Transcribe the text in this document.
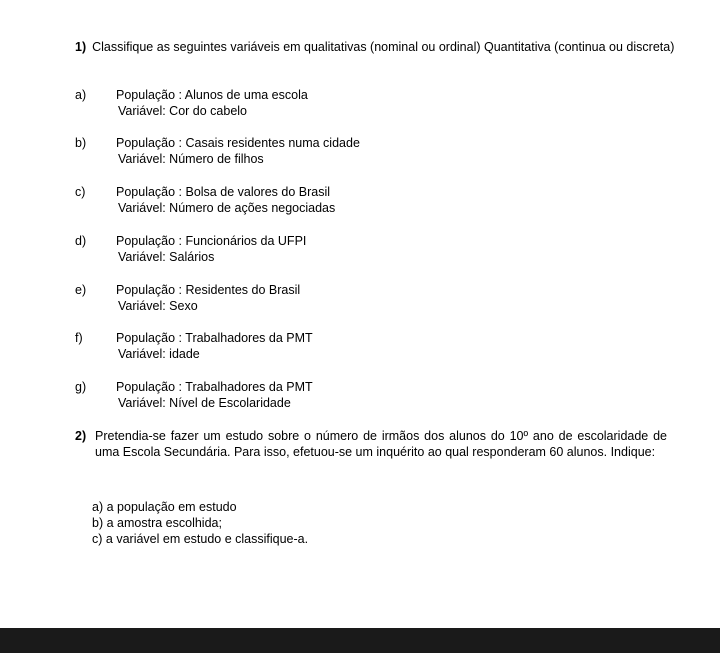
1) Classifique as seguintes variáveis em qualitativas (nominal ou ordinal) Quantitativa (continua ou discreta)
a)	População : Alunos de uma escola
Variável: Cor do cabelo
b)	População : Casais residentes numa cidade
Variável: Número de filhos
c)	População : Bolsa de valores do Brasil
Variável: Número de ações negociadas
d)	População : Funcionários da UFPI
Variável: Salários
e)	População : Residentes do Brasil
Variável: Sexo
f)	População : Trabalhadores da PMT
Variável: idade
g)	População : Trabalhadores da PMT
Variável: Nível de Escolaridade
2) Pretendia-se fazer um estudo sobre o número de irmãos dos alunos do 10º ano de escolaridade de uma Escola Secundária. Para isso, efetuou-se um inquérito ao qual responderam 60 alunos. Indique:
a) a população em estudo
b) a amostra escolhida;
c) a variável em estudo e classifique-a.
